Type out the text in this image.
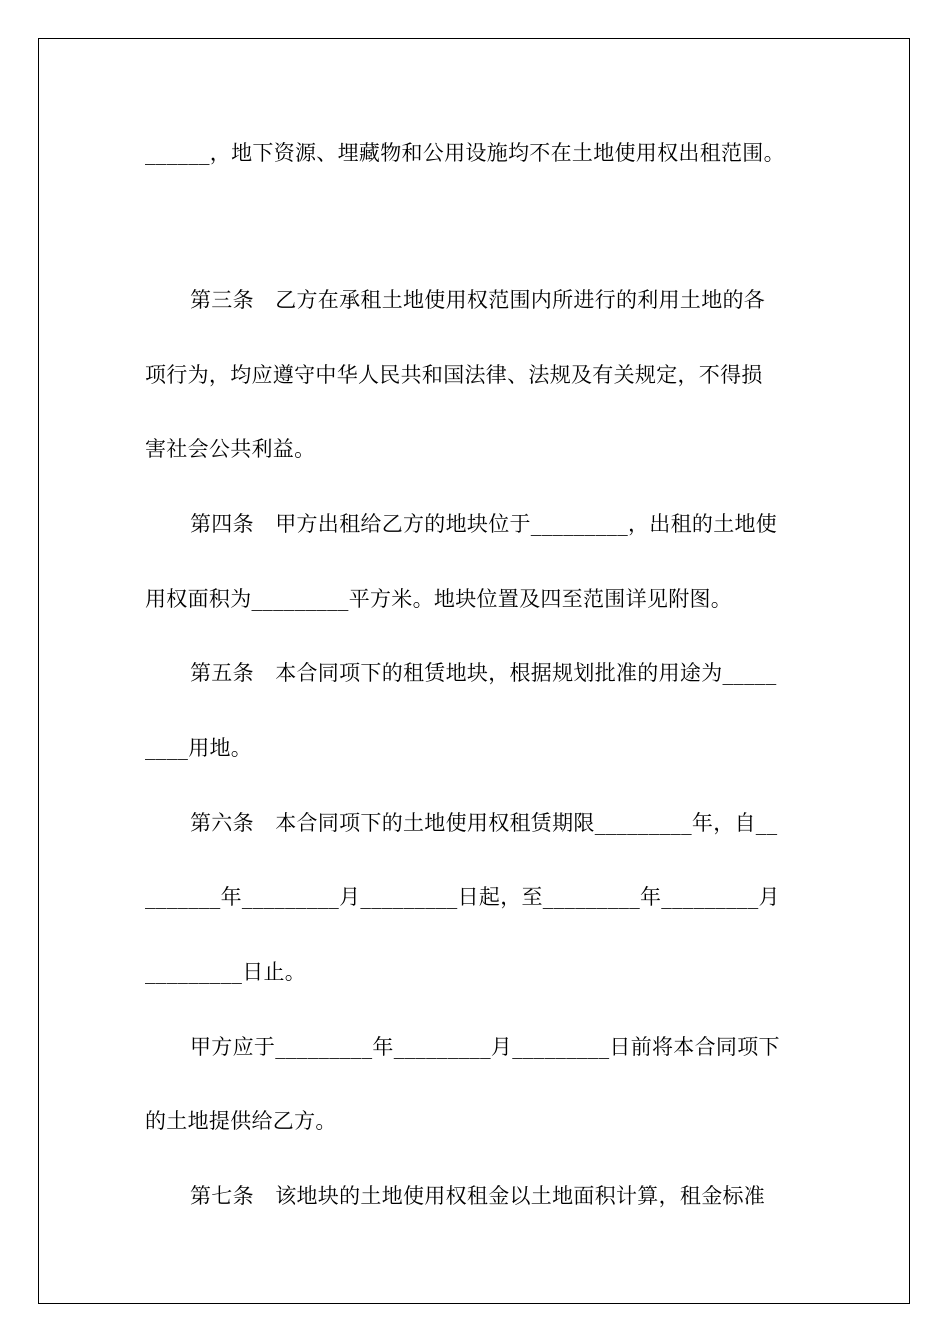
______，地下资源、埋藏物和公用设施均不在土地使用权出租范围。
第三条　乙方在承租土地使用权范围内所进行的利用土地的各
项行为，均应遵守中华人民共和国法律、法规及有关规定，不得损
害社会公共利益。
第四条　甲方出租给乙方的地块位于_________，出租的土地使
用权面积为_________平方米。地块位置及四至范围详见附图。
第五条　本合同项下的租赁地块，根据规划批准的用途为_____
____用地。
第六条　本合同项下的土地使用权租赁期限_________年，自__
_______年_________月_________日起，至_________年_________月
_________日止。
甲方应于_________年_________月_________日前将本合同项下
的土地提供给乙方。
第七条　该地块的土地使用权租金以土地面积计算，租金标准
